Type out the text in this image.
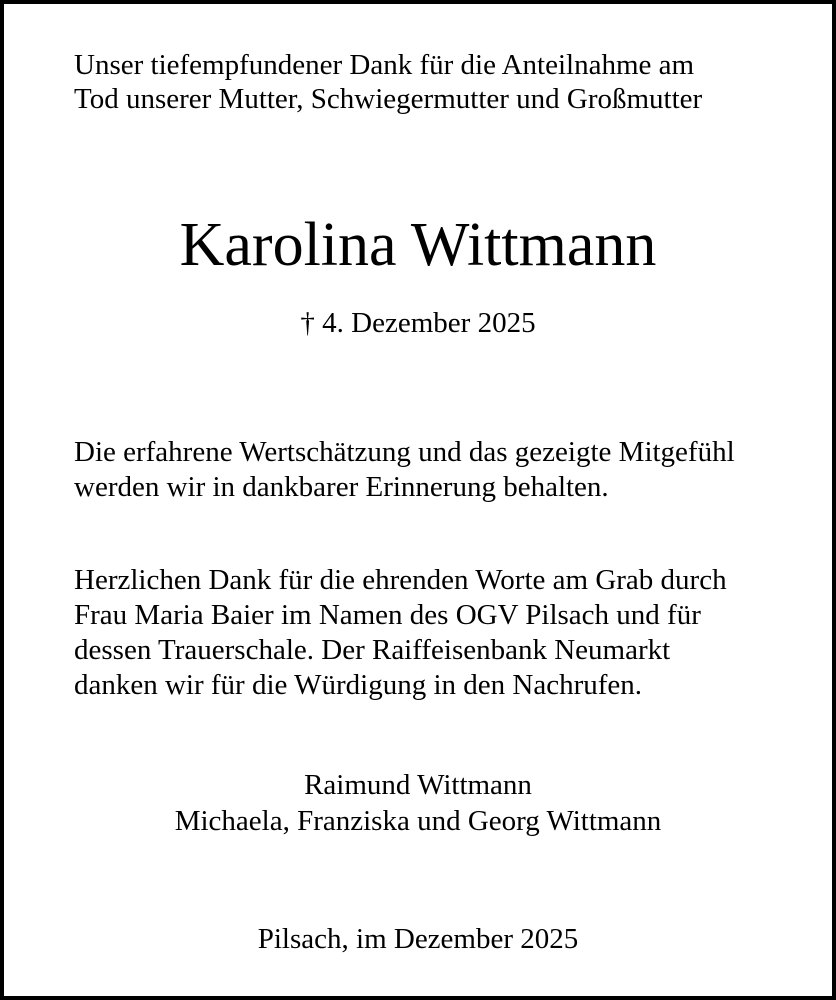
Unser tiefempfundener Dank für die Anteilnahme am
Tod unserer Mutter, Schwiegermutter und Großmutter
Karolina Wittmann
† 4. Dezember 2025
Die erfahrene Wertschätzung und das gezeigte Mitgefühl
werden wir in dankbarer Erinnerung behalten.
Herzlichen Dank für die ehrenden Worte am Grab durch
Frau Maria Baier im Namen des OGV Pilsach und für
dessen Trauerschale. Der Raiffeisenbank Neumarkt
danken wir für die Würdigung in den Nachrufen.
Raimund Wittmann
Michaela, Franziska und Georg Wittmann
Pilsach, im Dezember 2025
